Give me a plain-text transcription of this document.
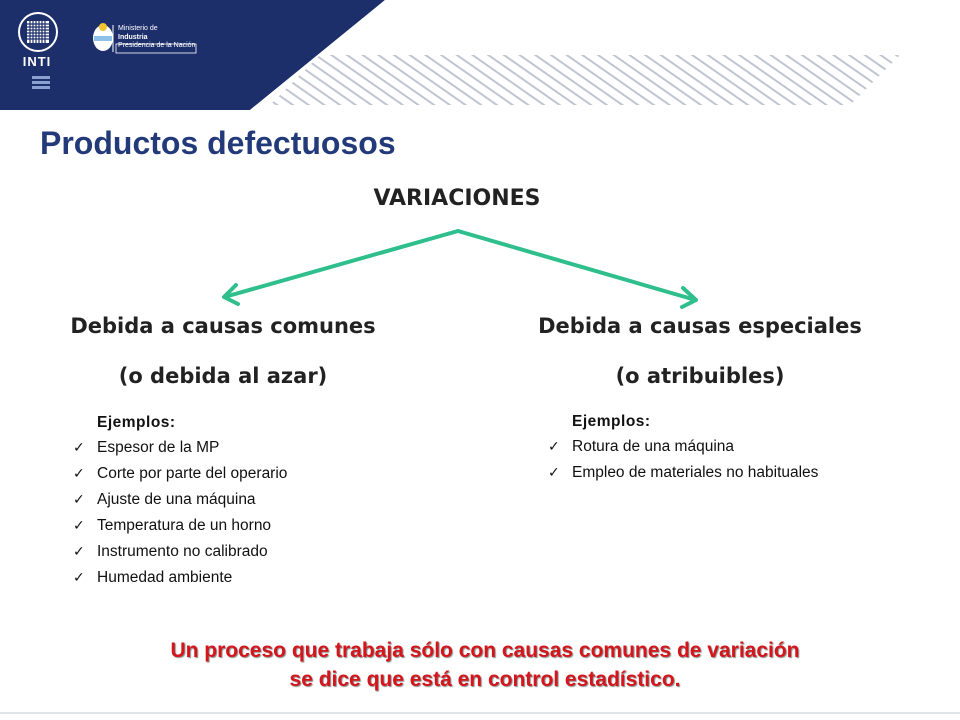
INTI
Ministerio de
Industria
Presidencia de la Nación
Productos defectuosos

VARIACIONES

Debida a causas comunes

(o debida al azar)

Debida a causas especiales

(o atribuibles)

Ejemplos:
✓ Espesor de la MP
✓ Corte por parte del operario
✓ Ajuste de una máquina
✓ Temperatura de un horno
✓ Instrumento no calibrado
✓ Humedad ambiente
Ejemplos:
✓ Rotura de una máquina
✓ Empleo de materiales no habituales

Un proceso que trabaja sólo con causas comunes de variación
se dice que está en control estadístico.
